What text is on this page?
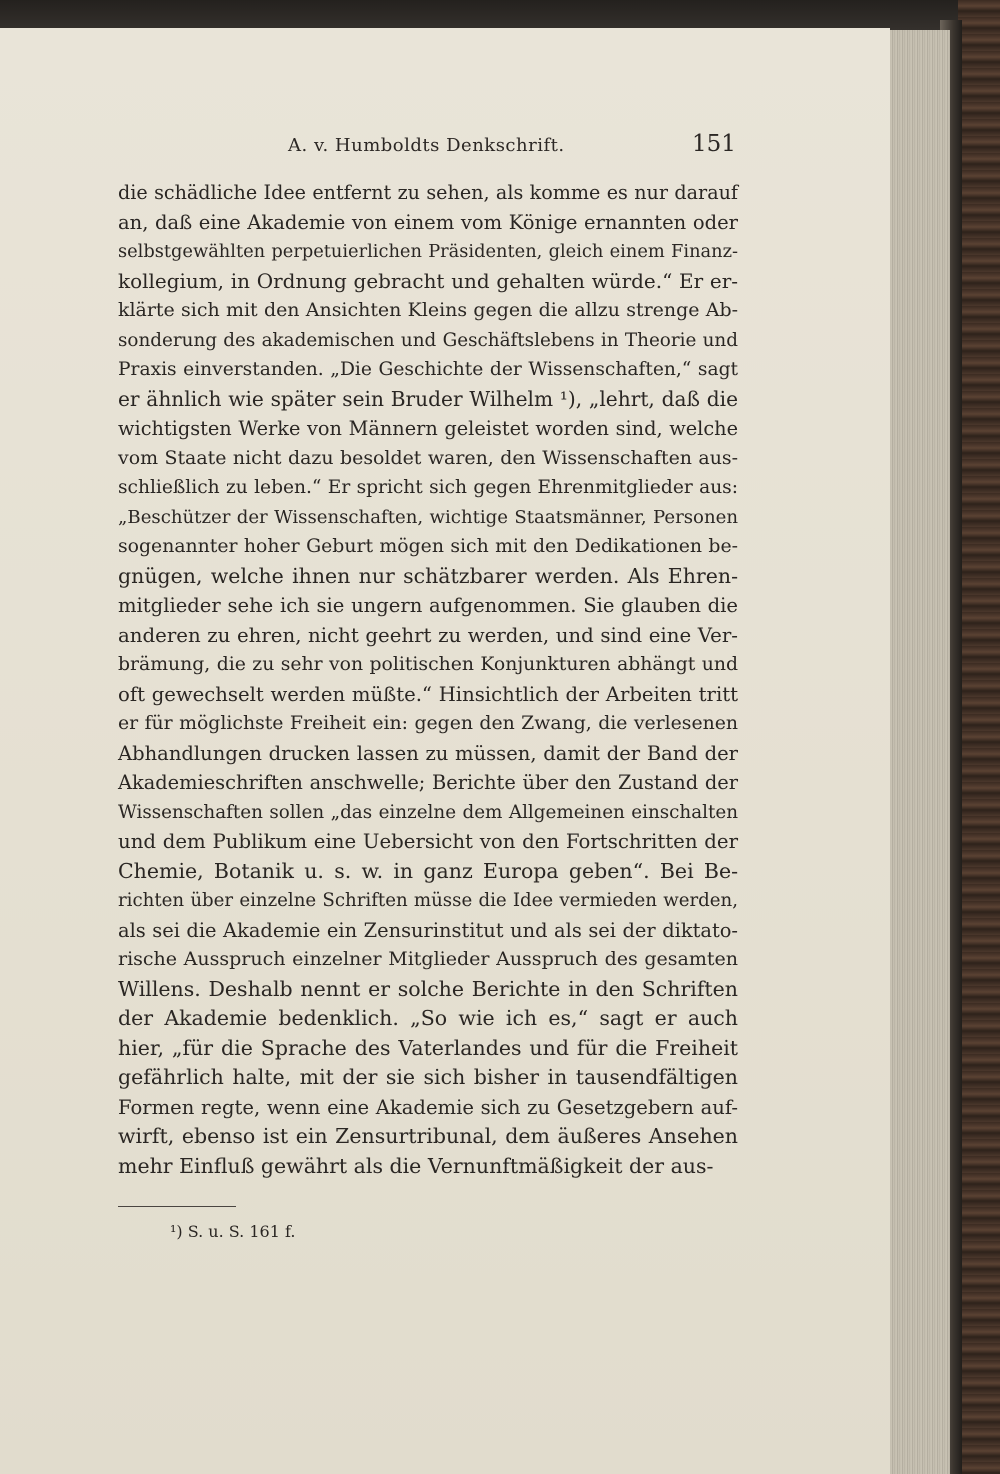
A. v. Humboldts Denkschrift.	151
die schädliche Idee entfernt zu sehen, als komme es nur darauf
an, daß eine Akademie von einem vom Könige ernannten oder
selbstgewählten perpetuierlichen Präsidenten, gleich einem Finanz-
kollegium, in Ordnung gebracht und gehalten würde.“ Er er-
klärte sich mit den Ansichten Kleins gegen die allzu strenge Ab-
sonderung des akademischen und Geschäftslebens in Theorie und
Praxis einverstanden. „Die Geschichte der Wissenschaften,“ sagt
er ähnlich wie später sein Bruder Wilhelm ¹), „lehrt, daß die
wichtigsten Werke von Männern geleistet worden sind, welche
vom Staate nicht dazu besoldet waren, den Wissenschaften aus-
schließlich zu leben.“ Er spricht sich gegen Ehrenmitglieder aus:
„Beschützer der Wissenschaften, wichtige Staatsmänner, Personen
sogenannter hoher Geburt mögen sich mit den Dedikationen be-
gnügen, welche ihnen nur schätzbarer werden. Als Ehren-
mitglieder sehe ich sie ungern aufgenommen. Sie glauben die
anderen zu ehren, nicht geehrt zu werden, und sind eine Ver-
brämung, die zu sehr von politischen Konjunkturen abhängt und
oft gewechselt werden müßte.“ Hinsichtlich der Arbeiten tritt
er für möglichste Freiheit ein: gegen den Zwang, die verlesenen
Abhandlungen drucken lassen zu müssen, damit der Band der
Akademieschriften anschwelle; Berichte über den Zustand der
Wissenschaften sollen „das einzelne dem Allgemeinen einschalten
und dem Publikum eine Uebersicht von den Fortschritten der
Chemie, Botanik u. s. w. in ganz Europa geben“. Bei Be-
richten über einzelne Schriften müsse die Idee vermieden werden,
als sei die Akademie ein Zensurinstitut und als sei der diktato-
rische Ausspruch einzelner Mitglieder Ausspruch des gesamten
Willens. Deshalb nennt er solche Berichte in den Schriften
der Akademie bedenklich. „So wie ich es,“ sagt er auch
hier, „für die Sprache des Vaterlandes und für die Freiheit
gefährlich halte, mit der sie sich bisher in tausendfältigen
Formen regte, wenn eine Akademie sich zu Gesetzgebern auf-
wirft, ebenso ist ein Zensurtribunal, dem äußeres Ansehen
mehr Einfluß gewährt als die Vernunftmäßigkeit der aus-
¹) S. u. S. 161 f.
